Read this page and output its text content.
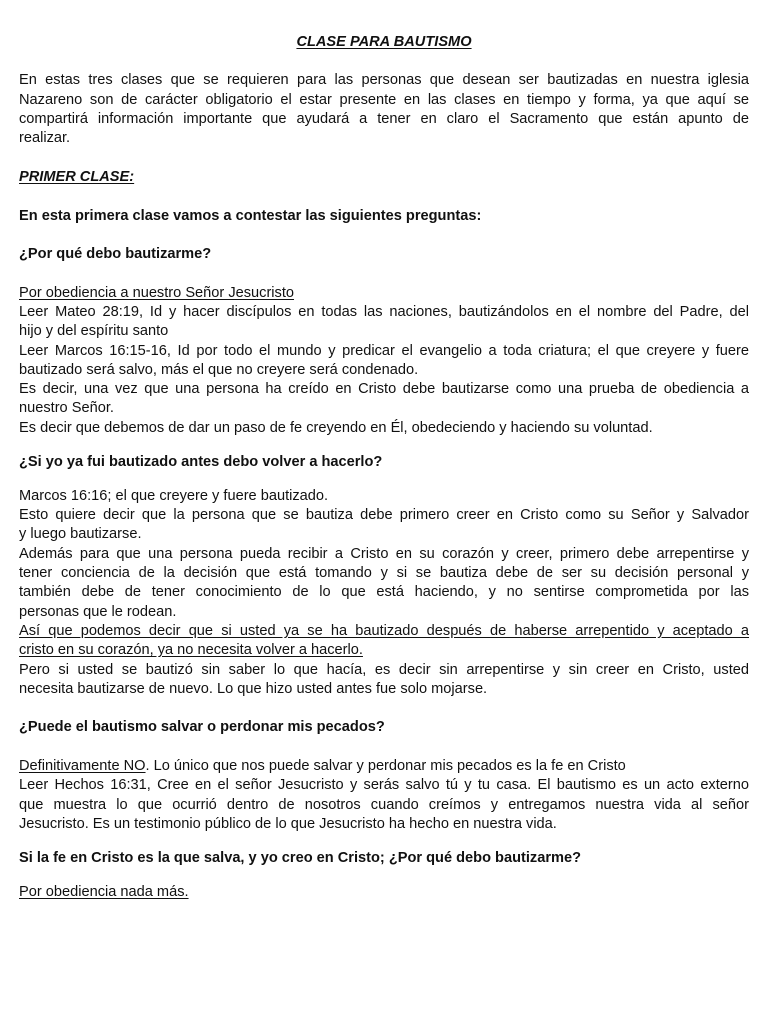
CLASE PARA BAUTISMO
En estas tres clases que se requieren para las personas que desean ser bautizadas en nuestra iglesia
Nazareno son de carácter obligatorio el estar presente en las clases en tiempo y forma, ya que aquí se
compartirá información importante que ayudará a tener en claro el Sacramento que están apunto de
realizar.
PRIMER CLASE:
En esta primera clase vamos a contestar las siguientes preguntas:
¿Por qué debo bautizarme?
Por obediencia a nuestro Señor Jesucristo
Leer Mateo 28:19, Id y hacer discípulos en todas las naciones, bautizándolos en el nombre del Padre, del
hijo y del espíritu santo
Leer Marcos 16:15-16, Id por todo el mundo y predicar el evangelio a toda criatura; el que creyere y fuere
bautizado será salvo, más el que no creyere será condenado.
Es decir, una vez que una persona ha creído en Cristo debe bautizarse como una prueba de obediencia a
nuestro Señor.
Es decir que debemos de dar un paso de fe creyendo en Él, obedeciendo y haciendo su voluntad.
¿Si yo ya fui bautizado antes debo volver a hacerlo?
Marcos 16:16; el que creyere y fuere bautizado.
Esto quiere decir que la persona que se bautiza debe primero creer en Cristo como su Señor y Salvador
y luego bautizarse.
Además para que una persona pueda recibir a Cristo en su corazón y creer, primero debe arrepentirse y
tener conciencia de la decisión que está tomando y si se bautiza debe de ser su decisión personal y
también debe de tener conocimiento de lo que está haciendo, y no sentirse comprometida por las
personas que le rodean.
Así que podemos decir que si usted ya se ha bautizado después de haberse arrepentido y aceptado a
cristo en su corazón, ya no necesita volver a hacerlo.
Pero si usted se bautizó sin saber lo que hacía, es decir sin arrepentirse y sin creer en Cristo, usted
necesita bautizarse de nuevo. Lo que hizo usted antes fue solo mojarse.
¿Puede el bautismo salvar o perdonar mis pecados?
Definitivamente NO. Lo único que nos puede salvar y perdonar mis pecados es la fe en Cristo
Leer Hechos 16:31, Cree en el señor Jesucristo y serás salvo tú y tu casa. El bautismo es un acto externo
que muestra lo que ocurrió dentro de nosotros cuando creímos y entregamos nuestra vida al señor
Jesucristo. Es un testimonio público de lo que Jesucristo ha hecho en nuestra vida.
Si la fe en Cristo es la que salva, y yo creo en Cristo; ¿Por qué debo bautizarme?
Por obediencia nada más.
